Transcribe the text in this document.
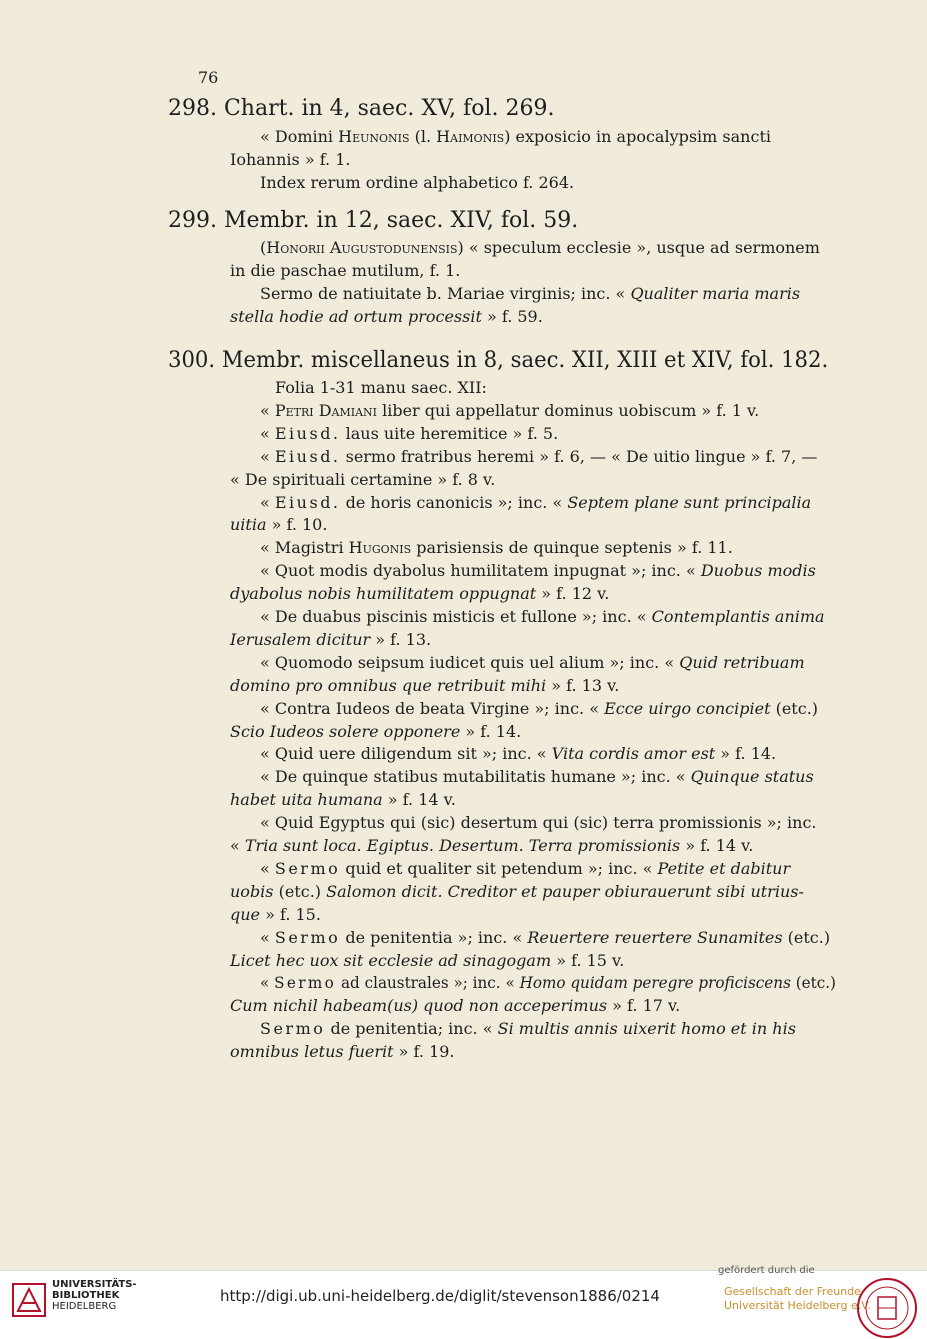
76
298. Chart. in 4, saec. XV, fol. 269.
« Domini Heunonis (l. Haimonis) exposicio in apocalypsim sancti
Iohannis » f. 1.
Index rerum ordine alphabetico f. 264.
299. Membr. in 12, saec. XIV, fol. 59.
(Honorii Augustodunensis) « speculum ecclesie », usque ad sermonem
in die paschae mutilum, f. 1.
Sermo de natiuitate b. Mariae virginis; inc. « Qualiter maria maris
stella hodie ad ortum processit » f. 59.
300. Membr. miscellaneus in 8, saec. XII, XIII et XIV, fol. 182.
Folia 1-31 manu saec. XII:
« Petri Damiani liber qui appellatur dominus uobiscum » f. 1 v.
« Eiusd. laus uite heremitice » f. 5.
« Eiusd. sermo fratribus heremi » f. 6, — « De uitio lingue » f. 7, —
« De spirituali certamine » f. 8 v.
« Eiusd. de horis canonicis »; inc. « Septem plane sunt principalia
uitia » f. 10.
« Magistri Hugonis parisiensis de quinque septenis » f. 11.
« Quot modis dyabolus humilitatem inpugnat »; inc. « Duobus modis
dyabolus nobis humilitatem oppugnat » f. 12 v.
« De duabus piscinis misticis et fullone »; inc. « Contemplantis anima
Ierusalem dicitur » f. 13.
« Quomodo seipsum iudicet quis uel alium »; inc. « Quid retribuam
domino pro omnibus que retribuit mihi » f. 13 v.
« Contra Iudeos de beata Virgine »; inc. « Ecce uirgo concipiet (etc.)
Scio Iudeos solere opponere » f. 14.
« Quid uere diligendum sit »; inc. « Vita cordis amor est » f. 14.
« De quinque statibus mutabilitatis humane »; inc. « Quinque status
habet uita humana » f. 14 v.
« Quid Egyptus qui (sic) desertum qui (sic) terra promissionis »; inc.
« Tria sunt loca. Egiptus. Desertum. Terra promissionis » f. 14 v.
« Sermo quid et qualiter sit petendum »; inc. « Petite et dabitur
uobis (etc.) Salomon dicit. Creditor et pauper obiurauerunt sibi utrius-
que » f. 15.
« Sermo de penitentia »; inc. « Reuertere reuertere Sunamites (etc.)
Licet hec uox sit ecclesie ad sinagogam » f. 15 v.
« Sermo ad claustrales »; inc. « Homo quidam peregre proficiscens (etc.)
Cum nichil habeam(us) quod non acceperimus » f. 17 v.
Sermo de penitentia; inc. « Si multis annis uixerit homo et in his
omnibus letus fuerit » f. 19.
UNIVERSITÄTS-
BIBLIOTHEK
HEIDELBERG
http://digi.ub.uni-heidelberg.de/diglit/stevenson1886/0214
gefördert durch die
Gesellschaft der Freunde
Universität Heidelberg e.V.
